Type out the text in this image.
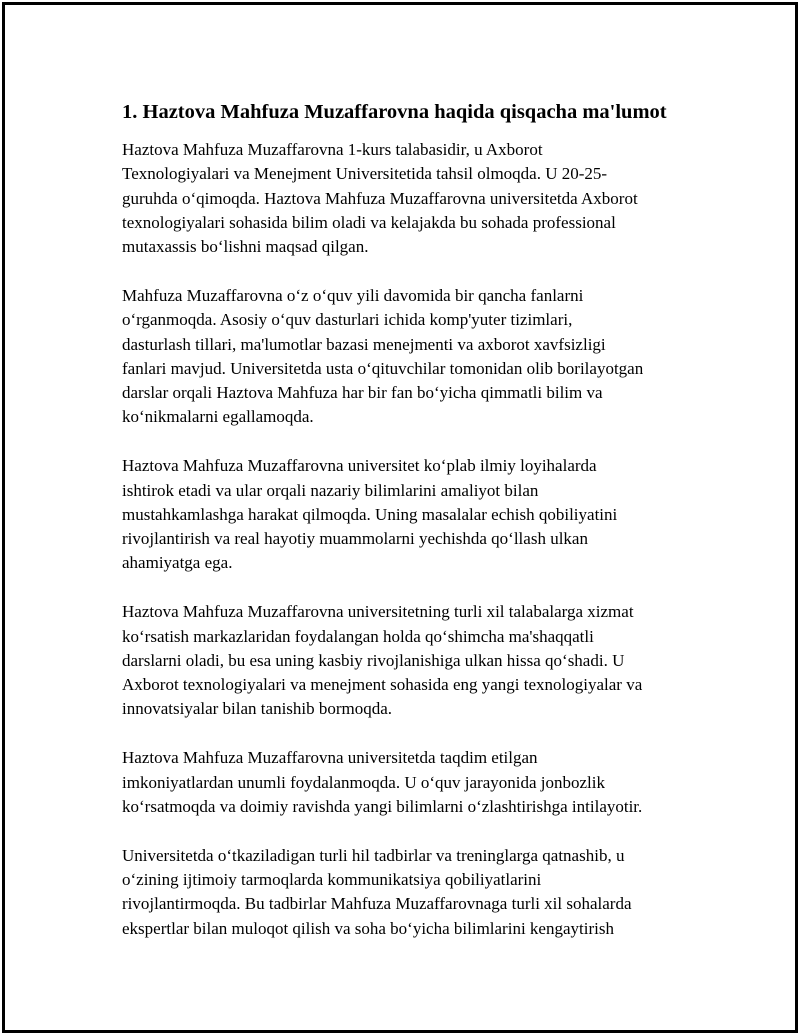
1. Haztova Mahfuza Muzaffarovna haqida qisqacha ma'lumot

Haztova Mahfuza Muzaffarovna 1-kurs talabasidir, u Axborot
Texnologiyalari va Menejment Universitetida tahsil olmoqda. U 20-25-
guruhda oʻqimoqda. Haztova Mahfuza Muzaffarovna universitetda Axborot
texnologiyalari sohasida bilim oladi va kelajakda bu sohada professional
mutaxassis boʻlishni maqsad qilgan.

Mahfuza Muzaffarovna oʻz oʻquv yili davomida bir qancha fanlarni
oʻrganmoqda. Asosiy oʻquv dasturlari ichida komp'yuter tizimlari,
dasturlash tillari, ma'lumotlar bazasi menejmenti va axborot xavfsizligi
fanlari mavjud. Universitetda usta oʻqituvchilar tomonidan olib borilayotgan
darslar orqali Haztova Mahfuza har bir fan boʻyicha qimmatli bilim va
koʻnikmalarni egallamoqda.

Haztova Mahfuza Muzaffarovna universitet koʻplab ilmiy loyihalarda
ishtirok etadi va ular orqali nazariy bilimlarini amaliyot bilan
mustahkamlashga harakat qilmoqda. Uning masalalar echish qobiliyatini
rivojlantirish va real hayotiy muammolarni yechishda qoʻllash ulkan
ahamiyatga ega.

Haztova Mahfuza Muzaffarovna universitetning turli xil talabalarga xizmat
koʻrsatish markazlaridan foydalangan holda qoʻshimcha ma'shaqqatli
darslarni oladi, bu esa uning kasbiy rivojlanishiga ulkan hissa qoʻshadi. U
Axborot texnologiyalari va menejment sohasida eng yangi texnologiyalar va
innovatsiyalar bilan tanishib bormoqda.

Haztova Mahfuza Muzaffarovna universitetda taqdim etilgan
imkoniyatlardan unumli foydalanmoqda. U oʻquv jarayonida jonbozlik
koʻrsatmoqda va doimiy ravishda yangi bilimlarni oʻzlashtirishga intilayotir.

Universitetda oʻtkaziladigan turli hil tadbirlar va treninglarga qatnashib, u
oʻzining ijtimoiy tarmoqlarda kommunikatsiya qobiliyatlarini
rivojlantirmoqda. Bu tadbirlar Mahfuza Muzaffarovnaga turli xil sohalarda
ekspertlar bilan muloqot qilish va soha boʻyicha bilimlarini kengaytirish
